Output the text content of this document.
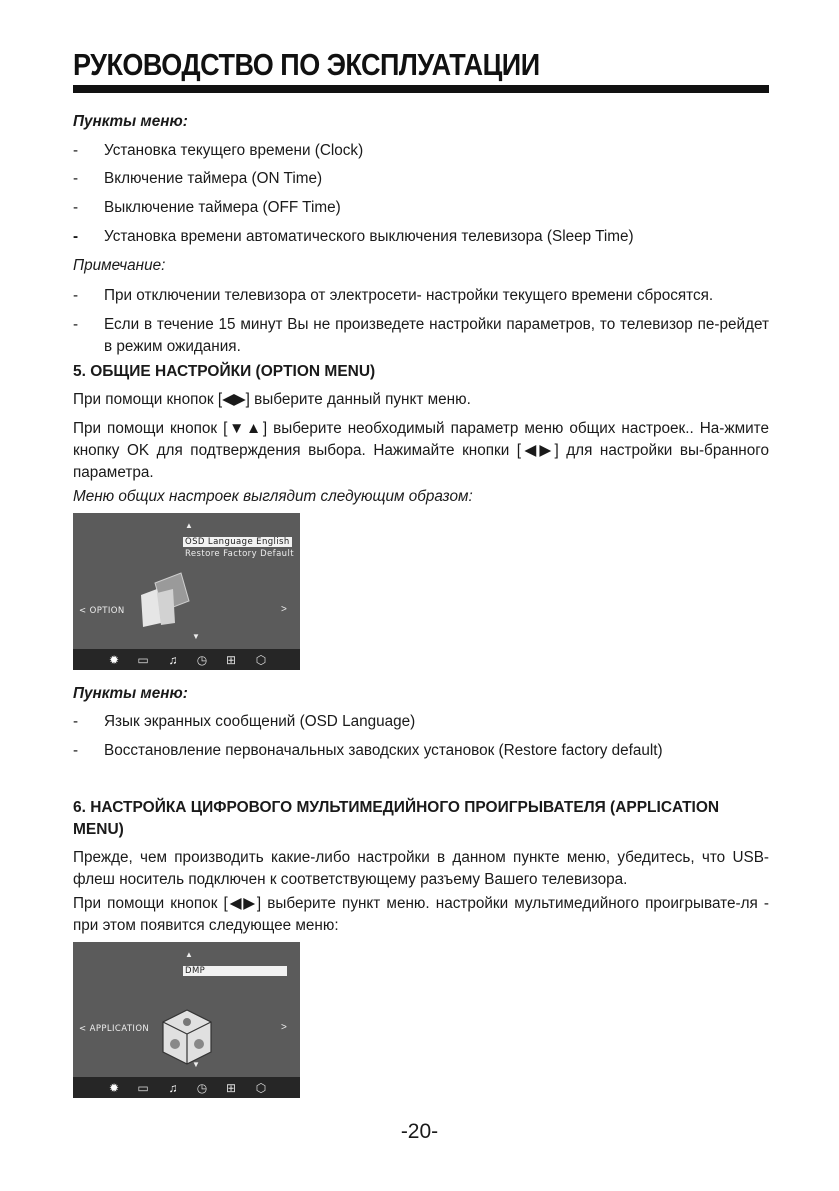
РУКОВОДСТВО ПО ЭКСПЛУАТАЦИИ
Пункты меню:
- Установка текущего времени (Clock)
- Включение таймера (ON Time)
- Выключение таймера (OFF Time)
- Установка времени автоматического выключения телевизора (Sleep Time)
Примечание:
- При отключении телевизора от электросети- настройки текущего времени сбросятся.
- Если в течение 15 минут Вы не произведете настройки параметров, то телевизор пе-рейдет в режим ожидания.
5. ОБЩИЕ НАСТРОЙКИ (OPTION MENU)
При помощи кнопок [◀▶] выберите данный пункт меню.
При помощи кнопок [▼▲] выберите необходимый параметр меню общих настроек.. На-жмите кнопку OK для подтверждения выбора. Нажимайте кнопки [◀▶] для настройки вы-бранного параметра.
Меню общих настроек выглядит следующим образом:
▲
OSD Language English
Restore Factory Default
< OPTION	>
▼
✹ ▭ ♫ ◷ ⊞ ⬡
Пункты меню:
- Язык экранных сообщений (OSD Language)
- Восстановление первоначальных заводских установок (Restore factory default)
6. НАСТРОЙКА ЦИФРОВОГО МУЛЬТИМЕДИЙНОГО ПРОИГРЫВАТЕЛЯ (APPLICATION MENU)
Прежде, чем производить какие-либо настройки в данном пункте меню, убедитесь, что USB-флеш носитель подключен к соответствующему разъему Вашего телевизора.
При помощи кнопок [◀▶] выберите пункт меню. настройки мультимедийного проигрывате-ля - при этом появится следующее меню:
▲
DMP
< APPLICATION	>
▼
✹ ▭ ♫ ◷ ⊞ ⬡
-20-
